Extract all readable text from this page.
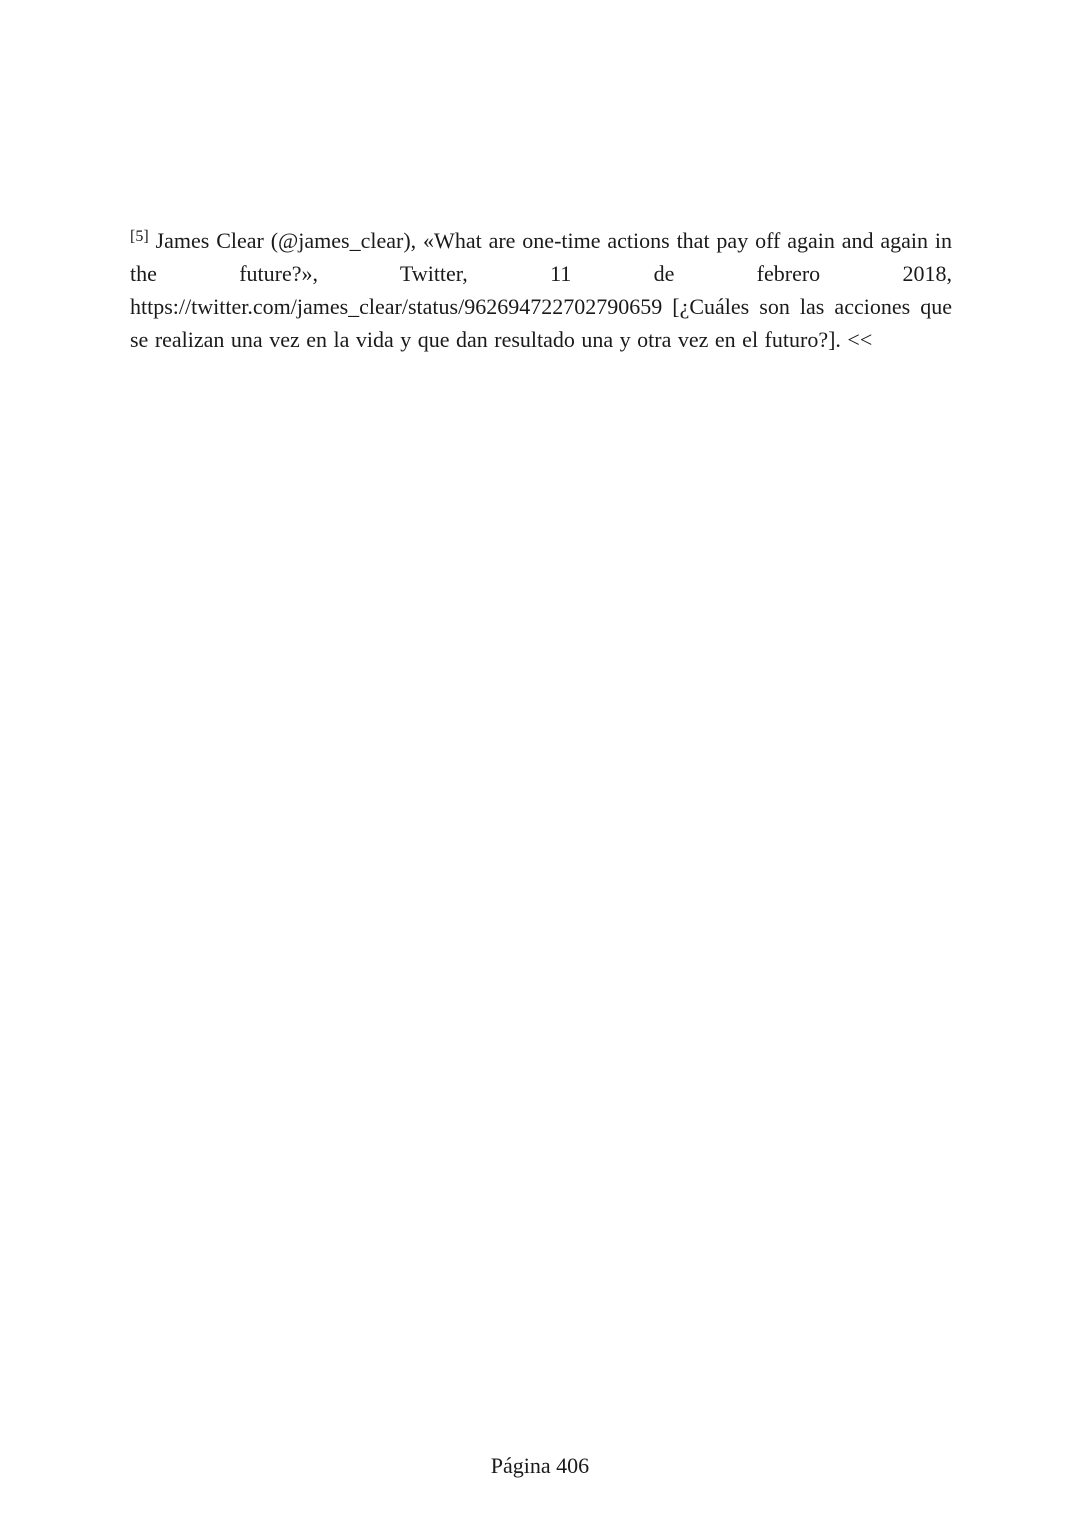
[5] James Clear (@james_clear), «What are one-time actions that pay off again and again in the future?», Twitter, 11 de febrero 2018, https://twitter.com/james_clear/status/962694722702790659 [¿Cuáles son las acciones que se realizan una vez en la vida y que dan resultado una y otra vez en el futuro?]. <<

Página 406
